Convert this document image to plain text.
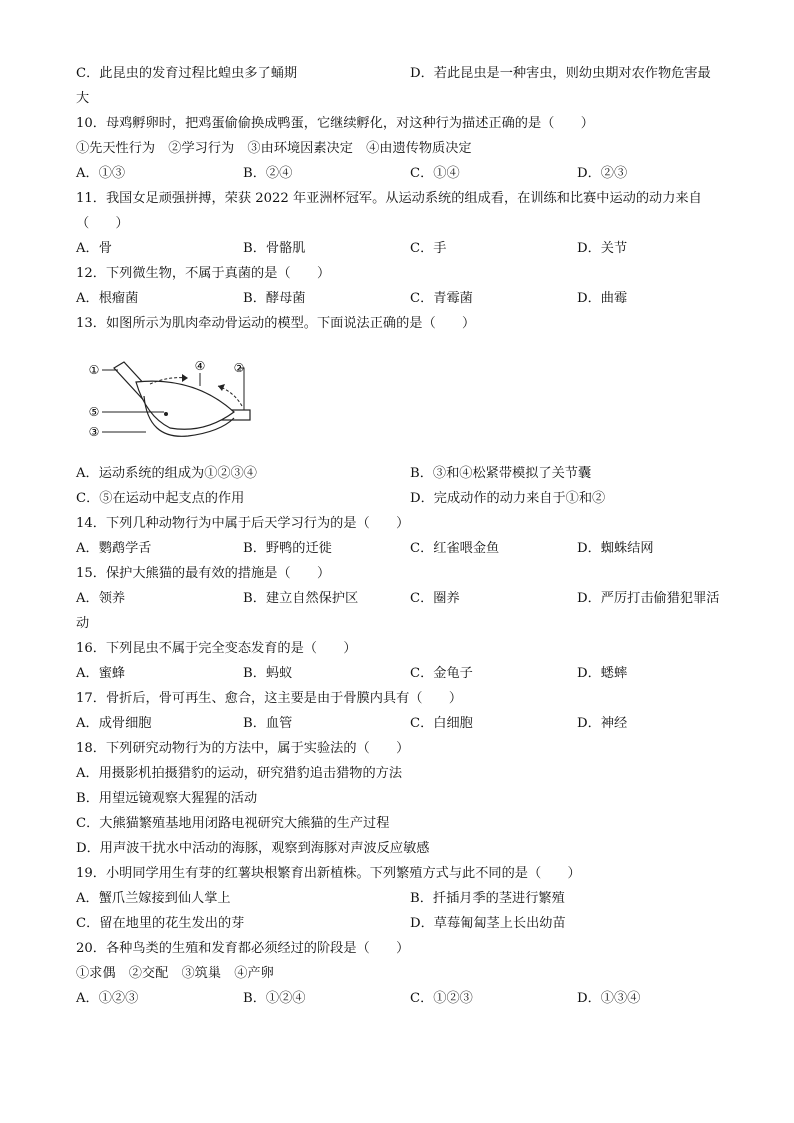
C．此昆虫的发育过程比蝗虫多了蛹期	D．若此昆虫是一种害虫，则幼虫期对农作物危害最
大
10．母鸡孵卵时，把鸡蛋偷偷换成鸭蛋，它继续孵化，对这种行为描述正确的是（　　）
①先天性行为　②学习行为　③由环境因素决定　④由遗传物质决定
A．①③	B．②④	C．①④	D．②③
11．我国女足顽强拼搏，荣获 2022 年亚洲杯冠军。从运动系统的组成看，在训练和比赛中运动的动力来自
（　　）
A．骨	B．骨骼肌	C．手	D．关节
12．下列微生物，不属于真菌的是（　　）
A．根瘤菌	B．酵母菌	C．青霉菌	D．曲霉
13．如图所示为肌肉牵动骨运动的模型。下面说法正确的是（　　）
A．运动系统的组成为①②③④	B．③和④松紧带模拟了关节囊
C．⑤在运动中起支点的作用	D．完成动作的动力来自于①和②
14．下列几种动物行为中属于后天学习行为的是（　　）
A．鹦鹉学舌	B．野鸭的迁徙	C．红雀喂金鱼	D．蜘蛛结网
15．保护大熊猫的最有效的措施是（　　）
A．领养	B．建立自然保护区	C．圈养	D．严厉打击偷猎犯罪活
动
16．下列昆虫不属于完全变态发育的是（　　）
A．蜜蜂	B．蚂蚁	C．金龟子	D．蟋蟀
17．骨折后，骨可再生、愈合，这主要是由于骨膜内具有（　　）
A．成骨细胞	B．血管	C．白细胞	D．神经
18．下列研究动物行为的方法中，属于实验法的（　　）
A．用摄影机拍摄猎豹的运动，研究猎豹追击猎物的方法
B．用望远镜观察大猩猩的活动
C．大熊猫繁殖基地用闭路电视研究大熊猫的生产过程
D．用声波干扰水中活动的海豚，观察到海豚对声波反应敏感
19．小明同学用生有芽的红薯块根繁育出新植株。下列繁殖方式与此不同的是（　　）
A．蟹爪兰嫁接到仙人掌上	B．扦插月季的茎进行繁殖
C．留在地里的花生发出的芽	D．草莓匍匐茎上长出幼苗
20．各种鸟类的生殖和发育都必须经过的阶段是（　　）
①求偶　②交配　③筑巢　④产卵
A．①②③	B．①②④	C．①②③	D．①③④
①	④ ②
⑤
③
